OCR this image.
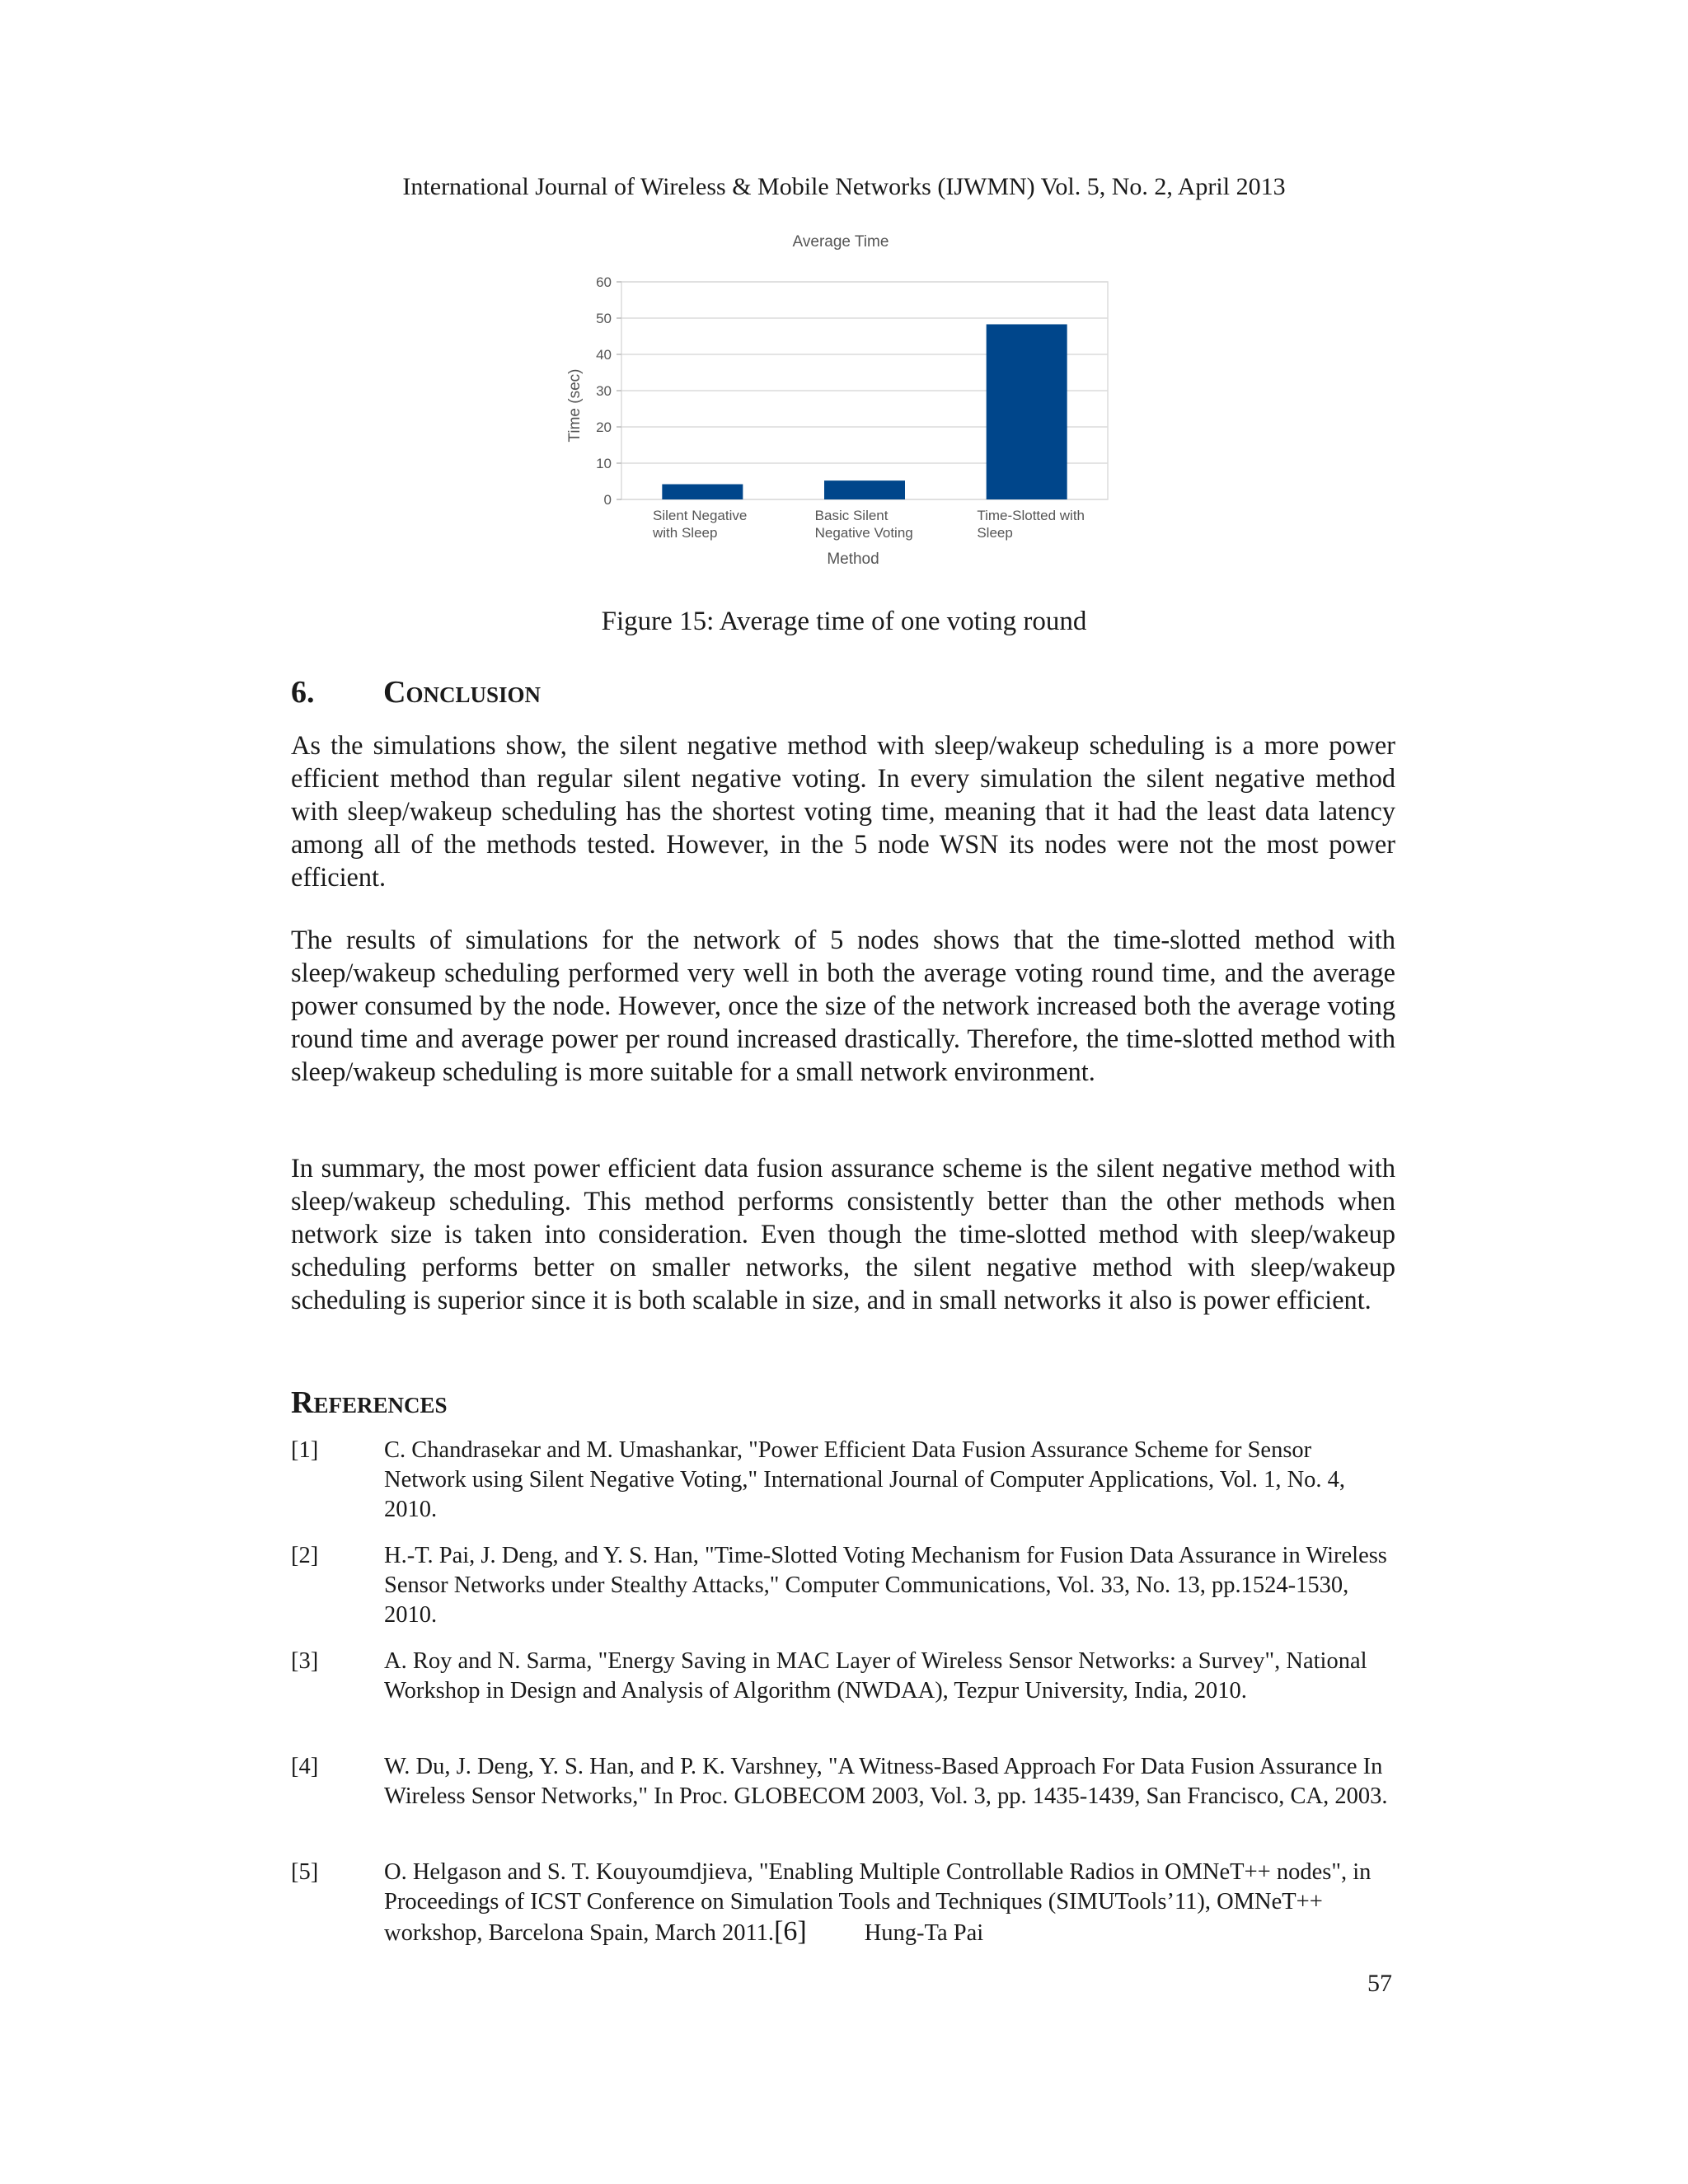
International Journal of Wireless & Mobile Networks (IJWMN) Vol. 5, No. 2, April 2013
Average Time
0
10
20
30
40
50
60
Silent Negative
with Sleep
Basic Silent
Negative Voting
Time-Slotted with
Sleep
Method
Time (sec)
Figure 15: Average time of one voting round
6. Conclusion

As the simulations show, the silent negative method with sleep/wakeup scheduling is a more power efficient method than regular silent negative voting. In every simulation the silent negative method with sleep/wakeup scheduling has the shortest voting time, meaning that it had the least data latency among all of the methods tested. However, in the 5 node WSN its nodes were not the most power efficient.

The results of simulations for the network of 5 nodes shows that the time-slotted method with sleep/wakeup scheduling performed very well in both the average voting round time, and the average power consumed by the node. However, once the size of the network increased both the average voting round time and average power per round increased drastically. Therefore, the time-slotted method with sleep/wakeup scheduling is more suitable for a small network environment.

In summary, the most power efficient data fusion assurance scheme is the silent negative method with sleep/wakeup scheduling. This method performs consistently better than the other methods when network size is taken into consideration. Even though the time-slotted method with sleep/wakeup scheduling performs better on smaller networks, the silent negative method with sleep/wakeup scheduling is superior since it is both scalable in size, and in small networks it also is power efficient.

References
[1]	C. Chandrasekar and M. Umashankar, "Power Efficient Data Fusion Assurance Scheme for Sensor Network using Silent Negative Voting," International Journal of Computer Applications, Vol. 1, No. 4, 2010.
[2]	H.-T. Pai, J. Deng, and Y. S. Han, "Time-Slotted Voting Mechanism for Fusion Data Assurance in Wireless Sensor Networks under Stealthy Attacks," Computer Communications, Vol. 33, No. 13, pp.1524-1530, 2010.
[3]	A. Roy and N. Sarma, "Energy Saving in MAC Layer of Wireless Sensor Networks: a Survey", National Workshop in Design and Analysis of Algorithm (NWDAA), Tezpur University, India, 2010.
[4]	W. Du, J. Deng, Y. S. Han, and P. K. Varshney, "A Witness-Based Approach For Data Fusion Assurance In Wireless Sensor Networks," In Proc. GLOBECOM 2003, Vol. 3, pp. 1435-1439, San Francisco, CA, 2003.
[5]	O. Helgason and S. T. Kouyoumdjieva, "Enabling Multiple Controllable Radios in OMNeT++ nodes", in Proceedings of ICST Conference on Simulation Tools and Techniques (SIMUTools’11), OMNeT++ workshop, Barcelona Spain, March 2011.[6] Hung-Ta Pai
57
